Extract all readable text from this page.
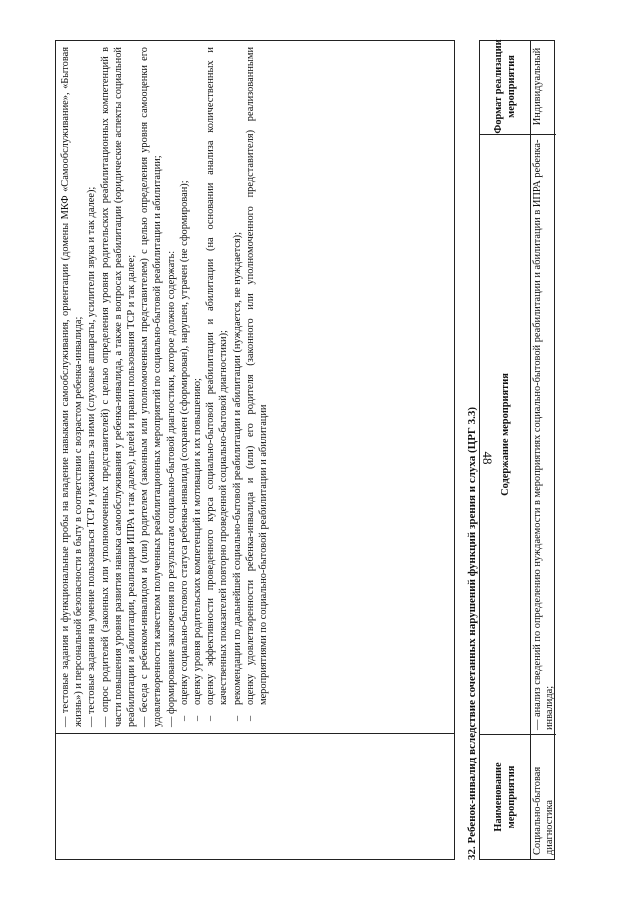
48

— тестовые задания и функциональные пробы на владение навыками самообслуживания, ориентации (домены МКФ «Самообслуживание», «Бытовая жизнь») и персональной безопасности в быту в соответствии с возрастом ребенка-инвалида; — тестовые задания на умение пользоваться ТСР и ухаживать за ними (слуховые аппараты, усилители звука и так далее); — опрос родителей (законных или уполномоченных представителей) с целью определения уровня родительских реабилитационных компетенций в части повышения уровня развития навыка самообслуживания у ребенка-инвалида, а также в вопросах реабилитации (юридические аспекты социальной реабилитации и абилитации, реализация ИПРА и так далее), целей и правил пользования ТСР и так далее; — беседа с ребенком-инвалидом и (или) родителем (законным или уполномоченным представителем) с целью определения уровня самооценки его удовлетворенности качеством полученных реабилитационных мероприятий по социально-бытовой реабилитации и абилитации; — формирование заключения по результатам социально-бытовой диагностики, которое должно содержать: – оценку социально-бытового статуса ребенка-инвалида (сохранен (сформирован), нарушен, утрачен (не сформирован); – оценку уровня родительских компетенций и мотивации к их повышению; – оценку эффективности проведенного курса социально-бытовой реабилитации и абилитации (на основании анализа количественных и качественных показателей повторно проведенной социально-бытовой диагностики); – рекомендации по дальнейшей социально-бытовой реабилитации и абилитации (нуждается, не нуждается); – оценку удовлетворенности ребенка-инвалида и (или) его родителя (законного или уполномоченного представителя) реализованными мероприятиями по социально-бытовой реабилитации и абилитации	32. Ребенок-инвалид вследствие сочетанных нарушений функций зрения и слуха (ЦРГ 3.3)	Наименование мероприятия
Содержание мероприятия
Формат реализации мероприятия
Социально-бытовая диагностика
— анализ сведений по определению нуждаемости в мероприятиях социально-бытовой реабилитации и абилитации в ИПРА ребенка-инвалида;
Индивидуальный
